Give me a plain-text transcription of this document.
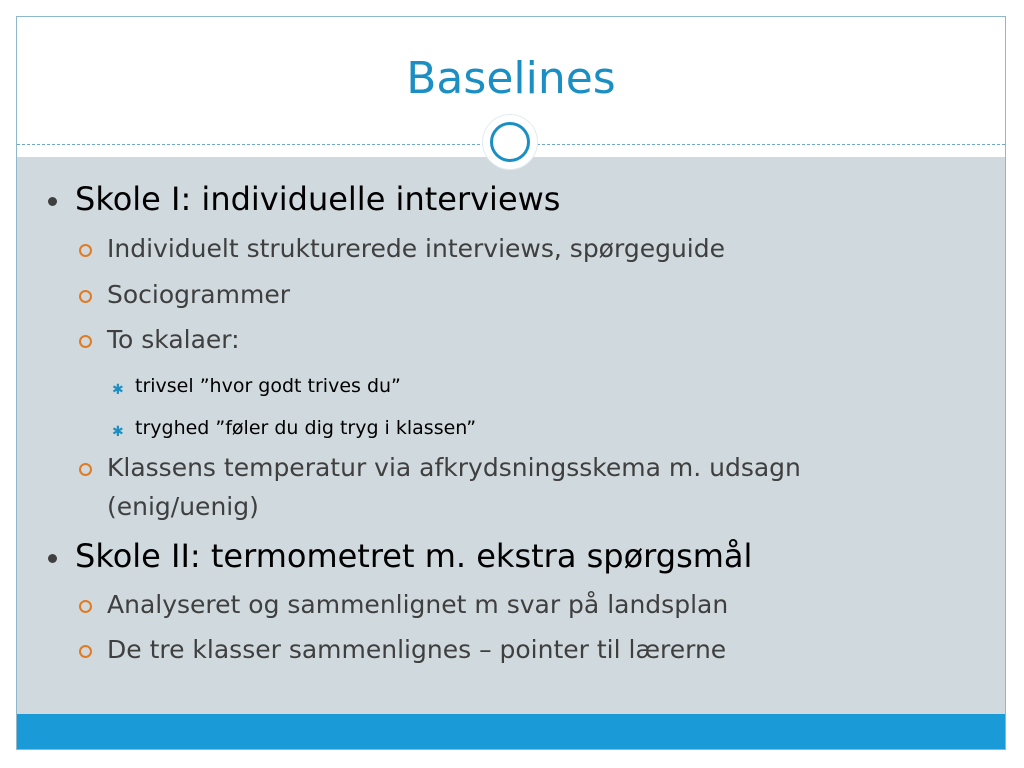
Baselines
Skole I: individuelle interviews
Individuelt strukturerede interviews, spørgeguide
Sociogrammer
To skalaer:
✱ trivsel ”hvor godt trives du”
✱ tryghed ”føler du dig tryg i klassen”
Klassens temperatur via afkrydsningsskema m. udsagn
(enig/uenig)
Skole II: termometret m. ekstra spørgsmål
Analyseret og sammenlignet m svar på landsplan
De tre klasser sammenlignes – pointer til lærerne
